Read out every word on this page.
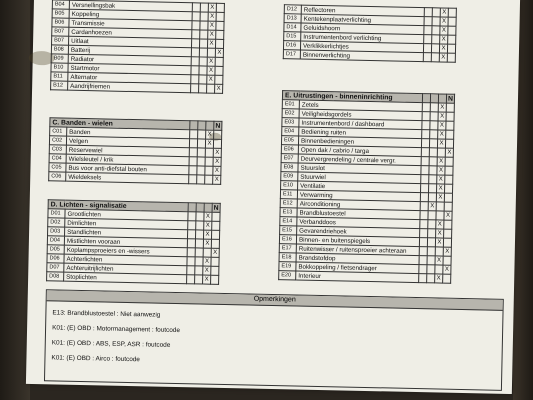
B04	Versnellingsbak			X	
B05	Koppeling			X	
B06	Transmissie			X	
B07	Cardanhoezen			X	
B07	Uitlaat			X	
B08	Batterij				X
B09	Radiator			X	
B10	Startmotor			X	
B11	Alternator			X	
B12	Aandrijfriemen				X
D12	Reflectoren			X	
D13	Kentekenplaatverlichting			X	
D14	Geluidshoorn			X	
D15	Instrumentenbord verlichting			X	
D16	Verklikkerlichtjes			X	
D17	Binnenverlichting			X	
C. Banden - wielen					N
C01	Banden			X	
C02	Velgen			X	
C03	Reservewiel				X
C04	Wielsleutel / krik				X
C05	Bus voor anti-diefstal bouten				X
C06	Wieldeksels				X
D. Lichten - signalisatie					N
D01	Grootlichten			X	
D02	Dimlichten			X	
D03	Standlichten			X	
D04	Mistlichten vooraan			X	
D05	Koplampsproeiers en -wissers				X
D06	Achterlichten			X	
D07	Achteruitrijlichten			X	
D08	Stoplichten			X	
E. Uitrustingen - binneninrichting					N
E01	Zetels			X	
E02	Veiligheidsgordels			X	
E03	Instrumentenbord / dashboard			X	
E04	Bediening ruiten			X	
E05	Binnenbedieningen			X	
E06	Open dak / cabrio / targa				X
E07	Deurvergrendeling / centrale vergr.			X	
E08	Stuurslot			X	
E09	Stuurwiel			X	
E10	Ventilatie			X	
E11	Verwarming			X	
E12	Airconditioning		X		
E13	Brandblustoestel				X
E14	Verbanddoos			X	
E15	Gevarendriehoek			X	
E16	Binnen- en buitenspiegels			X	
E17	Ruitenwisser / ruitensproeier achteraan				X
E18	Brandstofdop			X	
E19	Bokkoppeling / fietsendrager				X
E20	Interieur			X	
Opmerkingen
E13: Brandblustoestel : Niet aanwezig
K01: (E) OBD : Motormanagement : foutcode
K01: (E) OBD : ABS, ESP, ASR : foutcode
K01: (E) OBD : Airco : foutcode
